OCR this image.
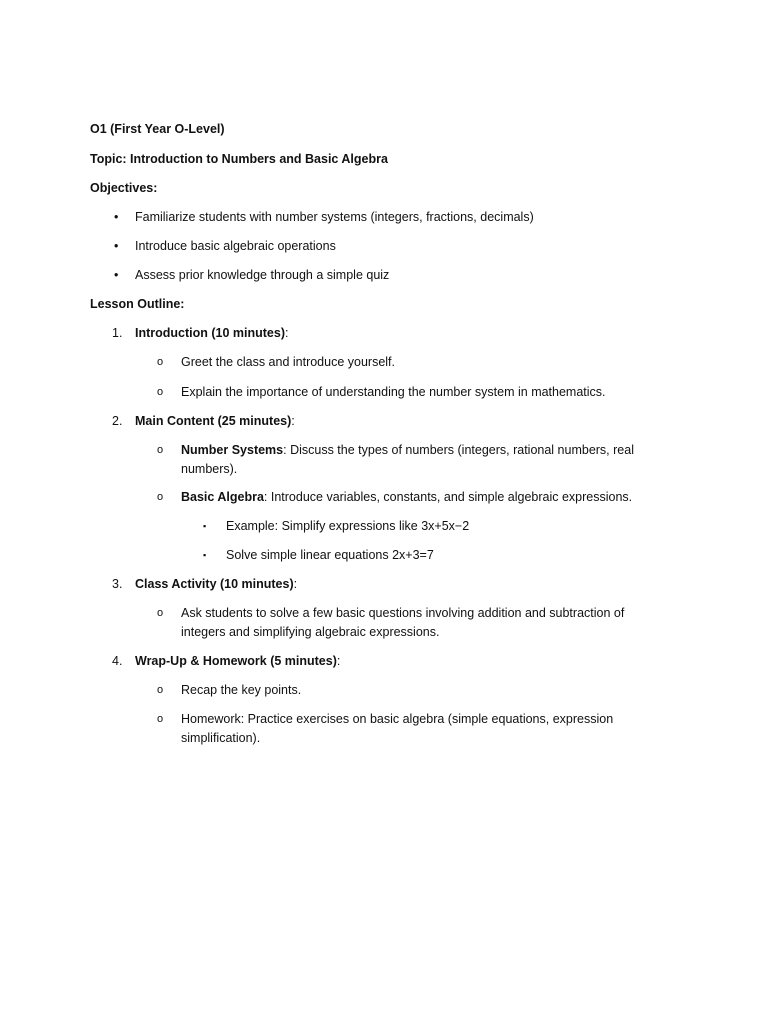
O1 (First Year O-Level)
Topic: Introduction to Numbers and Basic Algebra
Objectives:
• Familiarize students with number systems (integers, fractions, decimals)
• Introduce basic algebraic operations
• Assess prior knowledge through a simple quiz
Lesson Outline:
1. Introduction (10 minutes):
o Greet the class and introduce yourself.
o Explain the importance of understanding the number system in mathematics.
2. Main Content (25 minutes):
o Number Systems: Discuss the types of numbers (integers, rational numbers, real numbers).
o Basic Algebra: Introduce variables, constants, and simple algebraic expressions.
▪ Example: Simplify expressions like 3x+5x−2
▪ Solve simple linear equations 2x+3=7
3. Class Activity (10 minutes):
o Ask students to solve a few basic questions involving addition and subtraction of integers and simplifying algebraic expressions.
4. Wrap-Up & Homework (5 minutes):
o Recap the key points.
o Homework: Practice exercises on basic algebra (simple equations, expression simplification).
